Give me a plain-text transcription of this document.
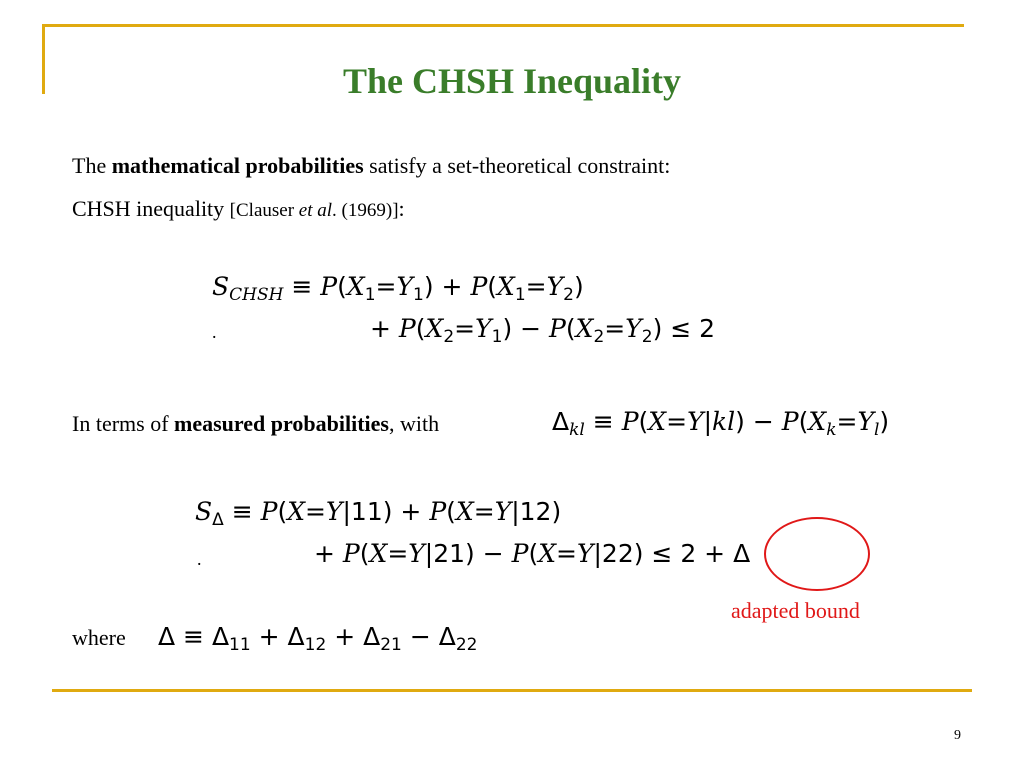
The CHSH Inequality
The mathematical probabilities satisfy a set-theoretical constraint:
CHSH inequality [Clauser et al. (1969)]:
$S_{CHSH} \equiv P(X_1=Y_1) + P(X_1=Y_2)$
.	+ $P(X_2=Y_1) - P(X_2=Y_2) \le 2$
In terms of measured probabilities, with	$\Delta_{kl} \equiv P(X=Y|kl) - P(X_k=Y_l)$
$S_\Delta \equiv P(X=Y|11) + P(X=Y|12)$
.	+ P(X=Y|21) − P(X=Y|22) ≤ 2 + Δ
adapted bound
where $\Delta \equiv \Delta_{11} + \Delta_{12} + \Delta_{21} - \Delta_{22}$
9
